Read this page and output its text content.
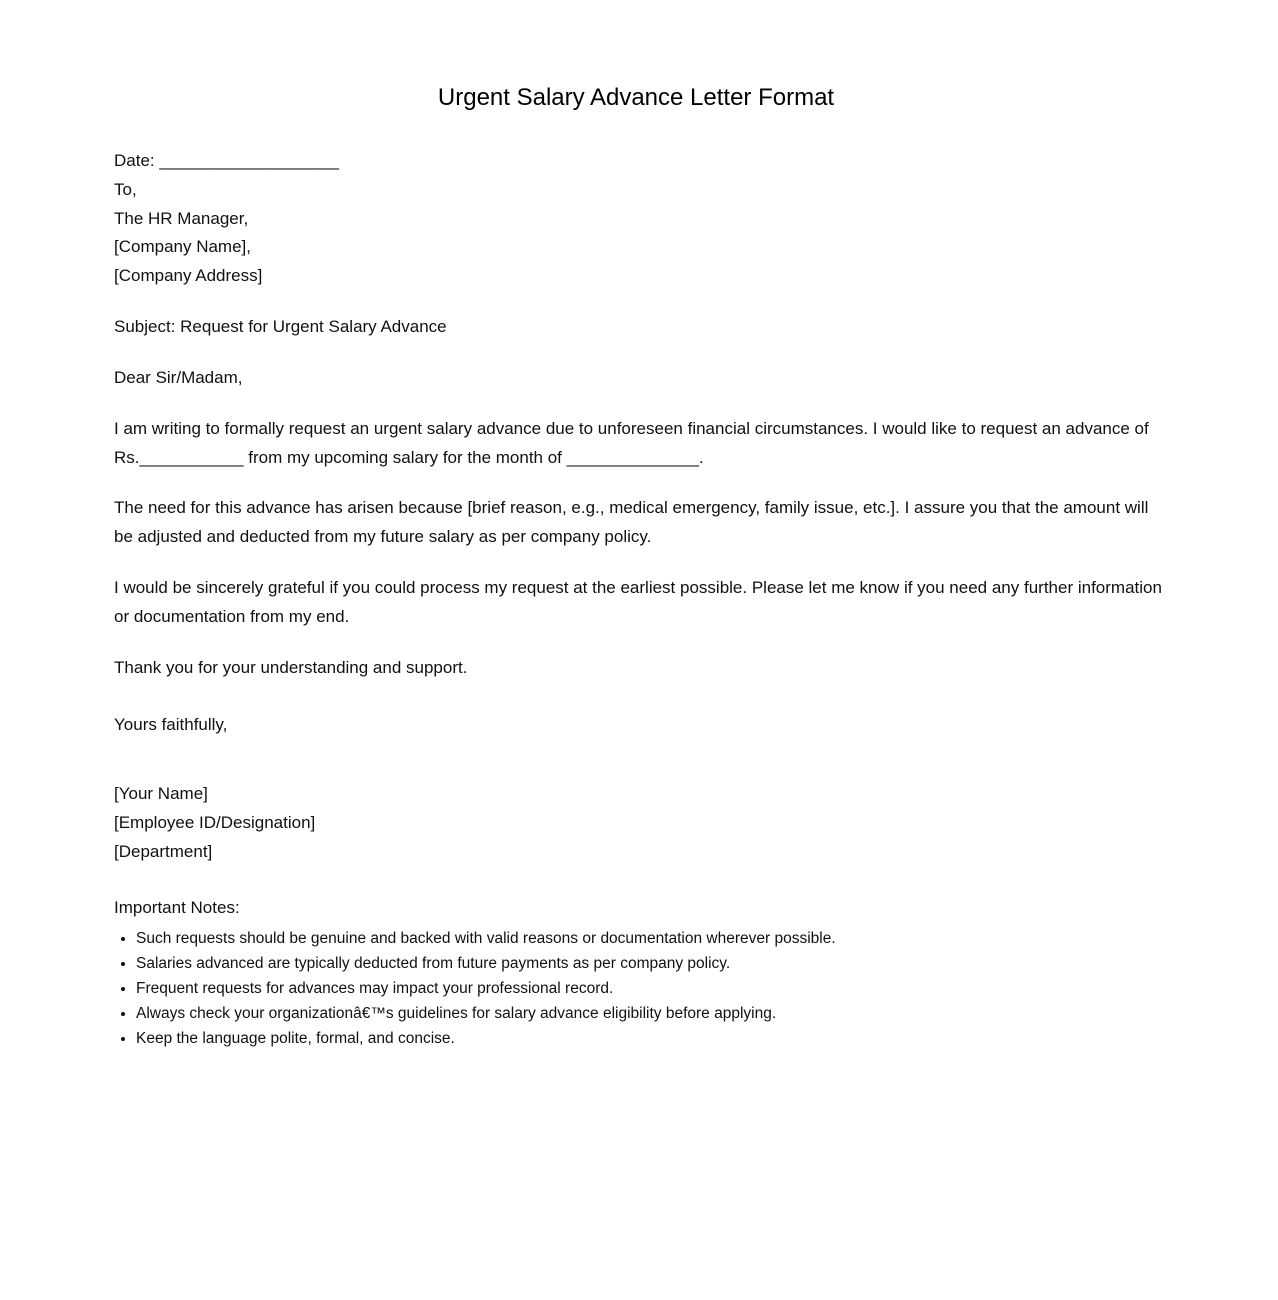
Urgent Salary Advance Letter Format
Date: ___________________
To,
The HR Manager,
[Company Name],
[Company Address]
Subject: Request for Urgent Salary Advance
Dear Sir/Madam,
I am writing to formally request an urgent salary advance due to unforeseen financial circumstances. I would like to request an advance of Rs.___________ from my upcoming salary for the month of ______________.
The need for this advance has arisen because [brief reason, e.g., medical emergency, family issue, etc.]. I assure you that the amount will be adjusted and deducted from my future salary as per company policy.
I would be sincerely grateful if you could process my request at the earliest possible. Please let me know if you need any further information or documentation from my end.
Thank you for your understanding and support.
Yours faithfully,
[Your Name]
[Employee ID/Designation]
[Department]
Important Notes:
• Such requests should be genuine and backed with valid reasons or documentation wherever possible.
• Salaries advanced are typically deducted from future payments as per company policy.
• Frequent requests for advances may impact your professional record.
• Always check your organizationâ€™s guidelines for salary advance eligibility before applying.
• Keep the language polite, formal, and concise.
